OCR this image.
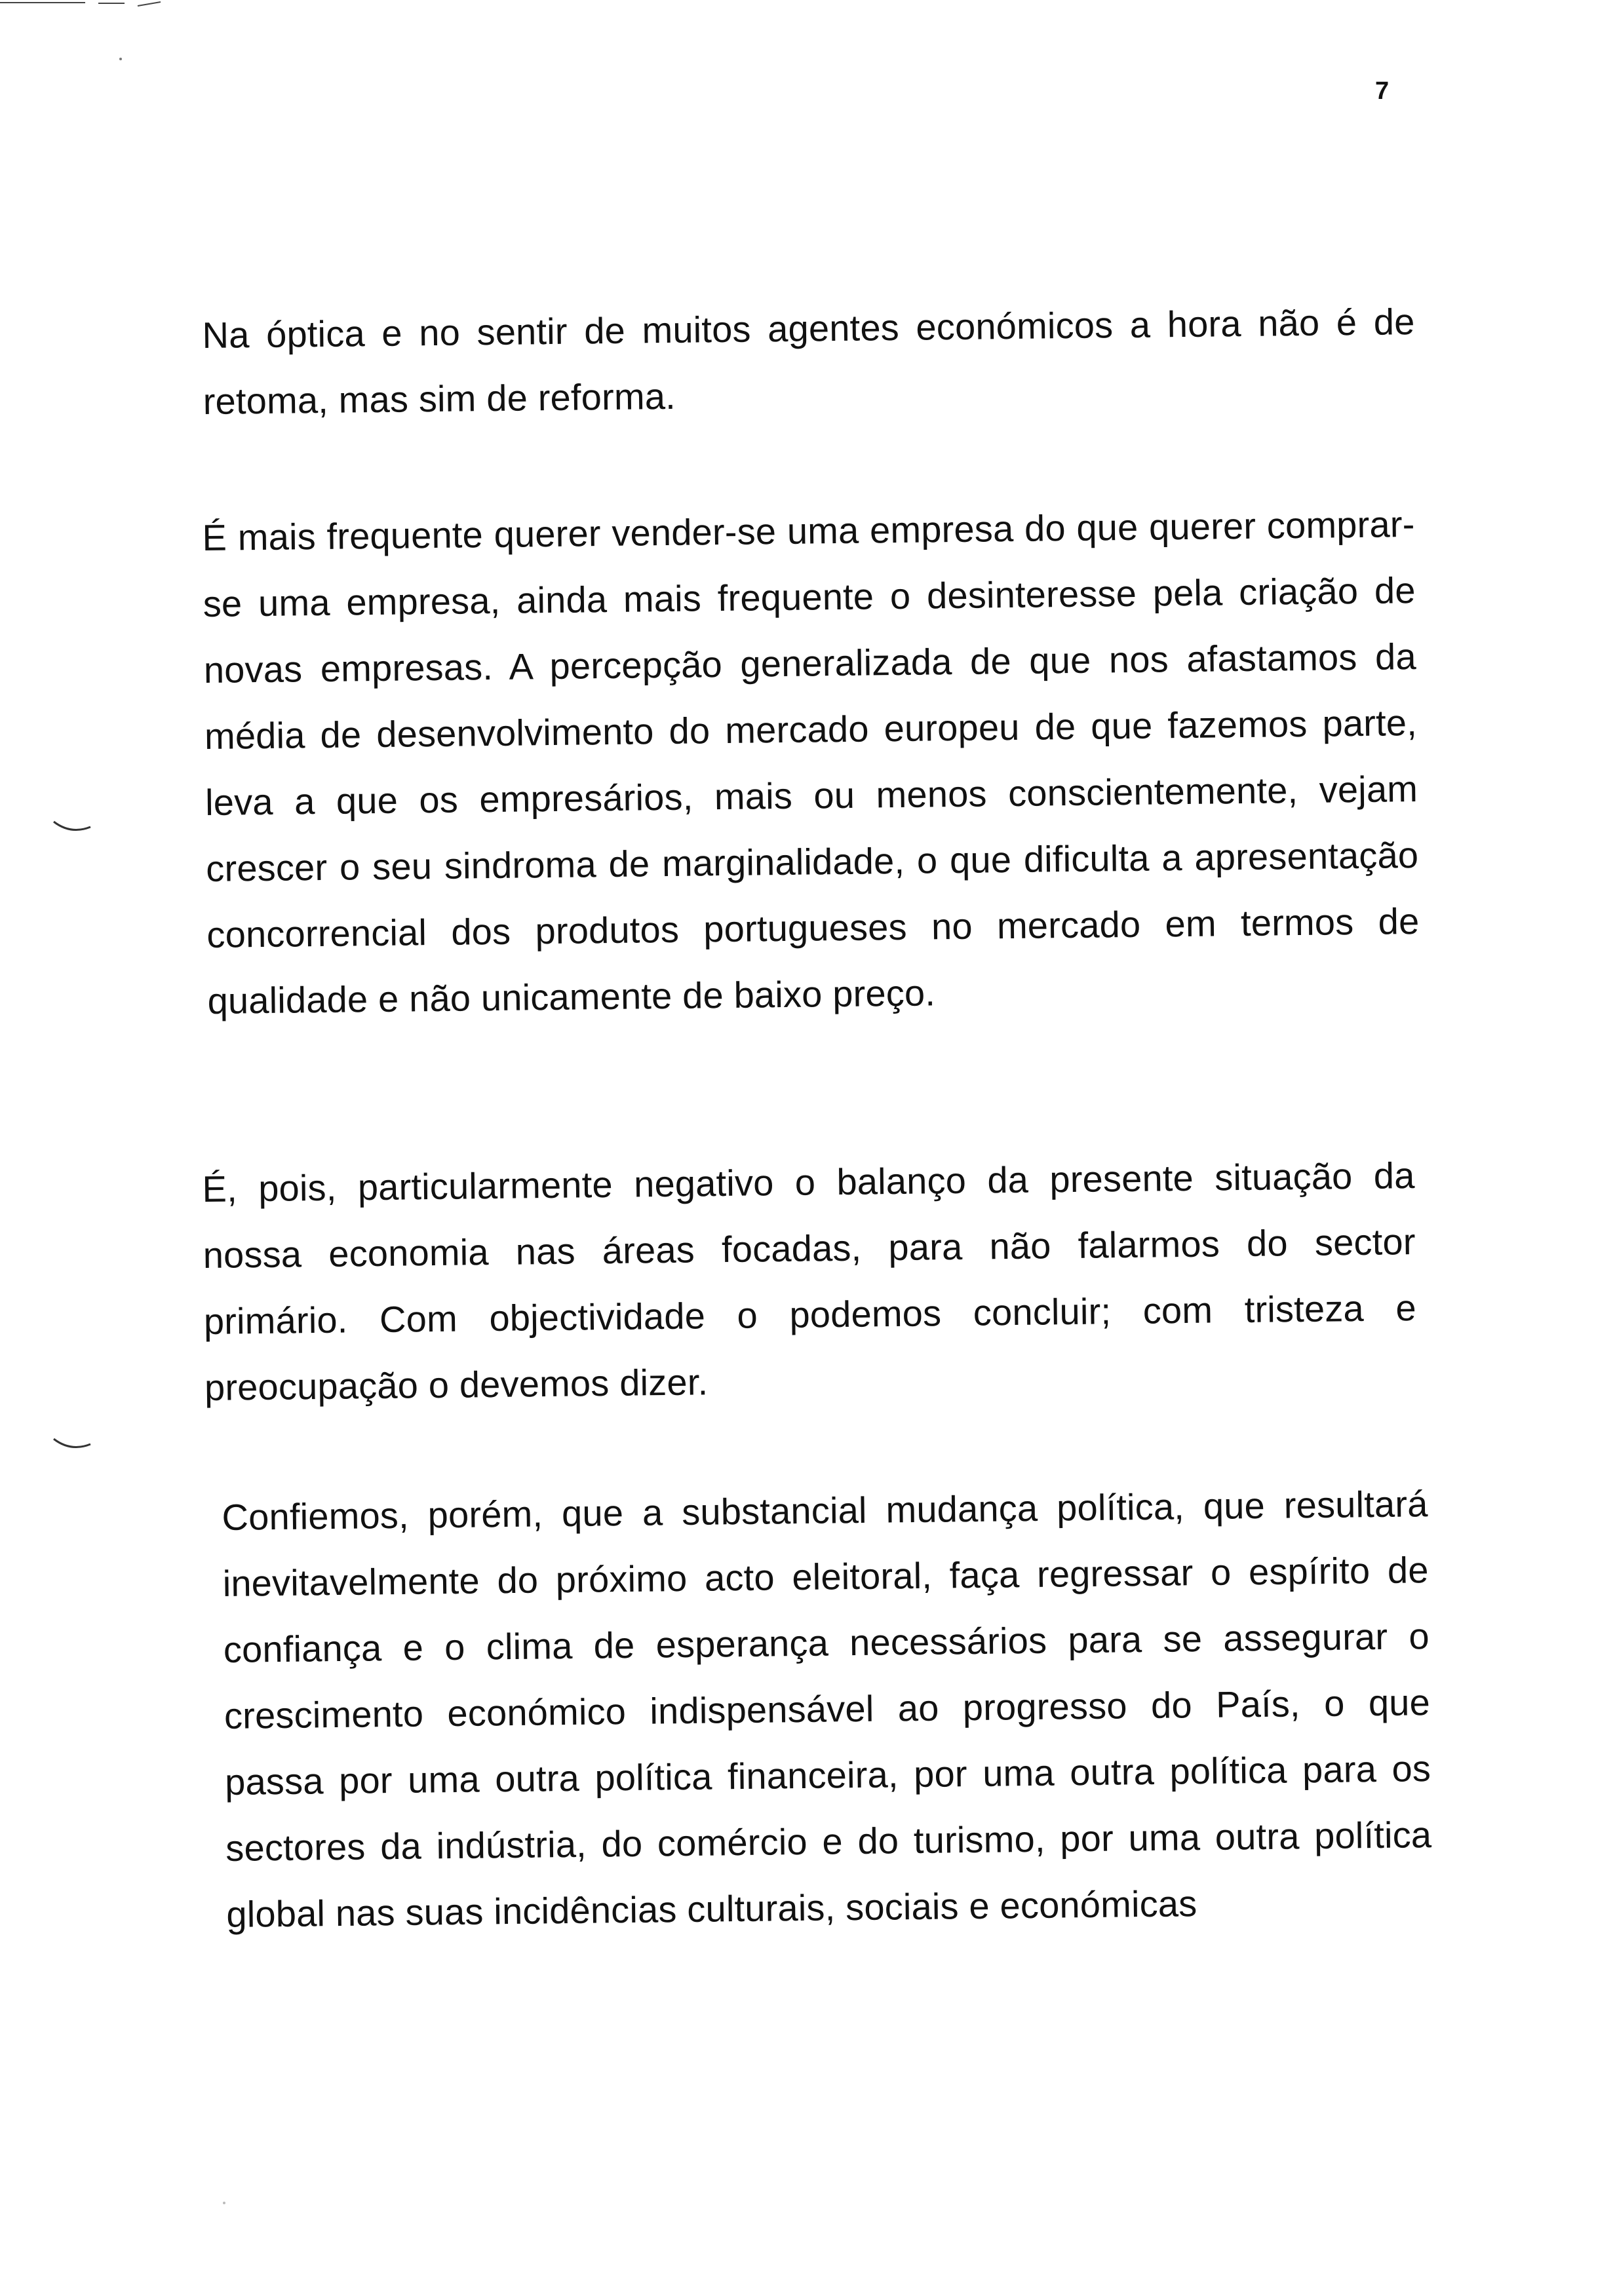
7

Na óptica e no sentir de muitos agentes económicos a hora não é de retoma, mas sim de reforma.

É mais frequente querer vender-se uma empresa do que querer comprar-se uma empresa, ainda mais frequente o desinteresse pela criação de novas empresas. A percepção generalizada de que nos afastamos da média de desenvolvimento do mercado europeu de que fazemos parte, leva a que os empresários, mais ou menos conscientemente, vejam crescer o seu sindroma de marginalidade, o que dificulta a apresentação concorrencial dos produtos portugueses no mercado em termos de qualidade e não unicamente de baixo preço.

É, pois, particularmente negativo o balanço da presente situação da nossa economia nas áreas focadas, para não falarmos do sector primário. Com objectividade o podemos concluir; com tristeza e preocupação o devemos dizer.

Confiemos, porém, que a substancial mudança política, que resultará inevitavelmente do próximo acto eleitoral, faça regressar o espírito de confiança e o clima de esperança necessários para se assegurar o crescimento económico indispensável ao progresso do País, o que passa por uma outra política financeira, por uma outra política para os sectores da indústria, do comércio e do turismo, por uma outra política global nas suas incidências culturais, sociais e económicas
